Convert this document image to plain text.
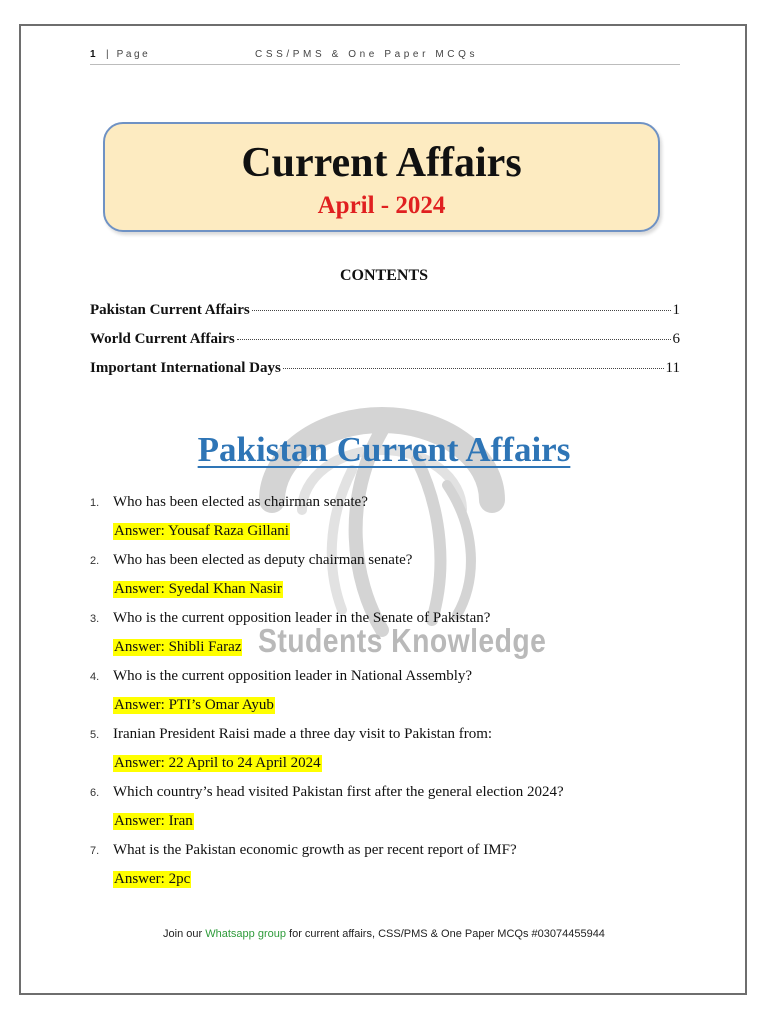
1 | Page	CSS/PMS & One Paper MCQs
Current Affairs
April - 2024
CONTENTS
Pakistan Current Affairs	1
World Current Affairs	6
Important International Days	11
Students Knowledge
Pakistan Current Affairs
1. Who has been elected as chairman senate?
Answer: Yousaf Raza Gillani
2. Who has been elected as deputy chairman senate?
Answer: Syedal Khan Nasir
3. Who is the current opposition leader in the Senate of Pakistan?
Answer: Shibli Faraz
4. Who is the current opposition leader in National Assembly?
Answer: PTI’s Omar Ayub
5. Iranian President Raisi made a three day visit to Pakistan from:
Answer: 22 April to 24 April 2024
6. Which country’s head visited Pakistan first after the general election 2024?
Answer: Iran
7. What is the Pakistan economic growth as per recent report of IMF?
Answer: 2pc
Join our Whatsapp group for current affairs, CSS/PMS & One Paper MCQs #03074455944
